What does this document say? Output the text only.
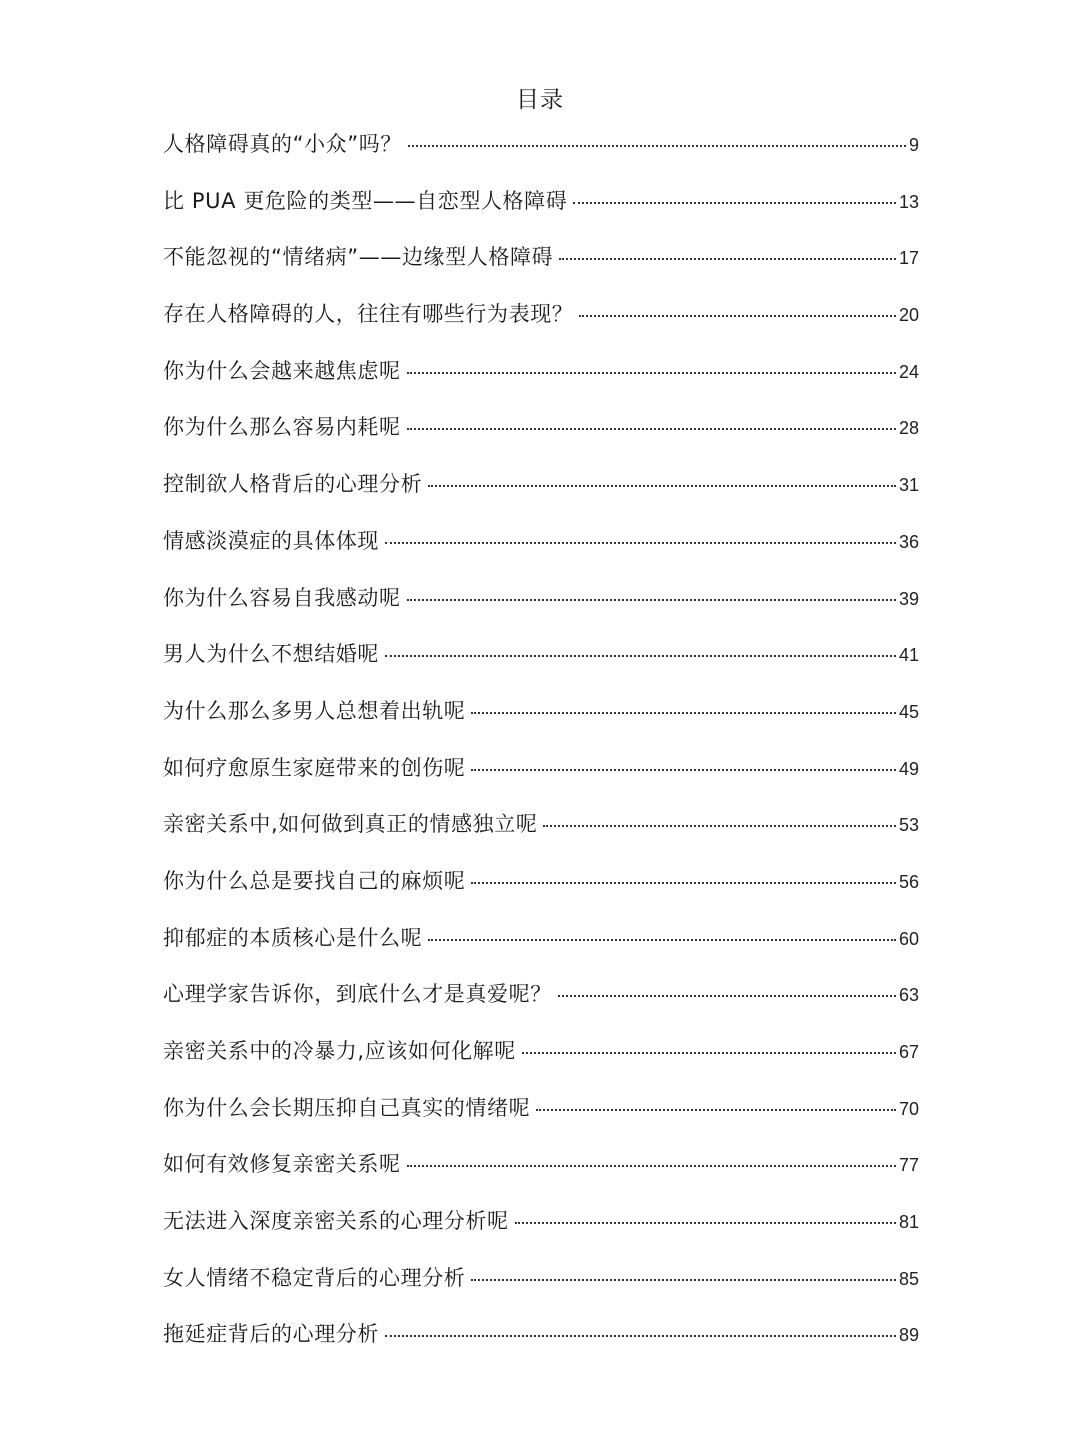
目录
人格障碍真的“小众”吗？	9
比 PUA 更危险的类型——自恋型人格障碍	13
不能忽视的“情绪病”——边缘型人格障碍	17
存在人格障碍的人，往往有哪些行为表现？	20
你为什么会越来越焦虑呢	24
你为什么那么容易内耗呢	28
控制欲人格背后的心理分析	31
情感淡漠症的具体体现	36
你为什么容易自我感动呢	39
男人为什么不想结婚呢	41
为什么那么多男人总想着出轨呢	45
如何疗愈原生家庭带来的创伤呢	49
亲密关系中,如何做到真正的情感独立呢	53
你为什么总是要找自己的麻烦呢	56
抑郁症的本质核心是什么呢	60
心理学家告诉你，到底什么才是真爱呢？	63
亲密关系中的冷暴力,应该如何化解呢	67
你为什么会长期压抑自己真实的情绪呢	70
如何有效修复亲密关系呢	77
无法进入深度亲密关系的心理分析呢	81
女人情绪不稳定背后的心理分析	85
拖延症背后的心理分析	89
